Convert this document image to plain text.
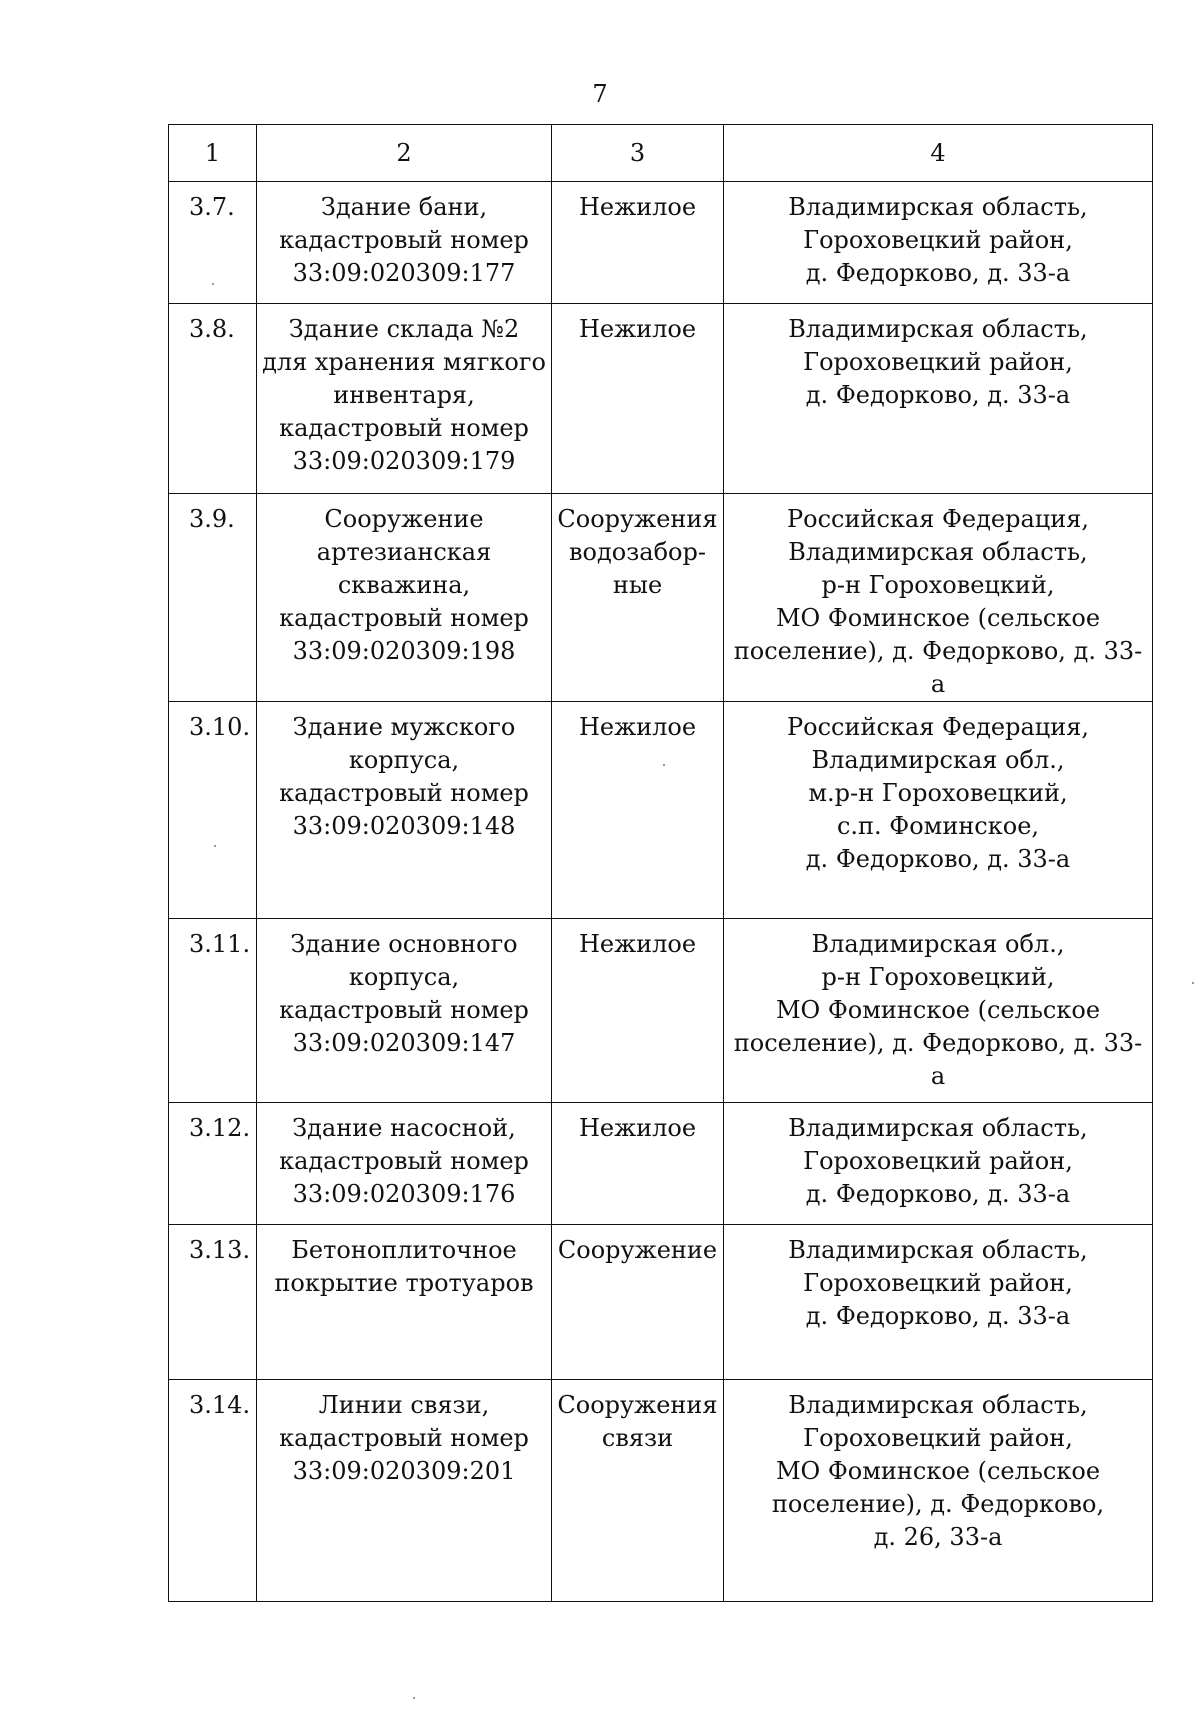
7
1	2	3	4
3.7.	Здание бани,
кадастровый номер
33:09:020309:177	Нежилое	Владимирская область,
Гороховецкий район,
д. Федорково, д. 33-а
3.8.	Здание склада №2
для хранения мягкого
инвентаря,
кадастровый номер
33:09:020309:179	Нежилое	Владимирская область,
Гороховецкий район,
д. Федорково, д. 33-а
3.9.	Сооружение
артезианская
скважина,
кадастровый номер
33:09:020309:198	Сооружения
водозабор-
ные	Российская Федерация,
Владимирская область,
р-н Гороховецкий,
МО Фоминское (сельское
поселение), д. Федорково, д. 33-а
3.10.	Здание мужского
корпуса,
кадастровый номер
33:09:020309:148	Нежилое	Российская Федерация,
Владимирская обл.,
м.р-н Гороховецкий,
с.п. Фоминское,
д. Федорково, д. 33-а
3.11.	Здание основного
корпуса,
кадастровый номер
33:09:020309:147	Нежилое	Владимирская обл.,
р-н Гороховецкий,
МО Фоминское (сельское
поселение), д. Федорково, д. 33-а
3.12.	Здание насосной,
кадастровый номер
33:09:020309:176	Нежилое	Владимирская область,
Гороховецкий район,
д. Федорково, д. 33-а
3.13.	Бетоноплиточное
покрытие тротуаров	Сооружение	Владимирская область,
Гороховецкий район,
д. Федорково, д. 33-а
3.14.	Линии связи,
кадастровый номер
33:09:020309:201	Сооружения
связи	Владимирская область,
Гороховецкий район,
МО Фоминское (сельское
поселение), д. Федорково,
д. 26, 33-а
